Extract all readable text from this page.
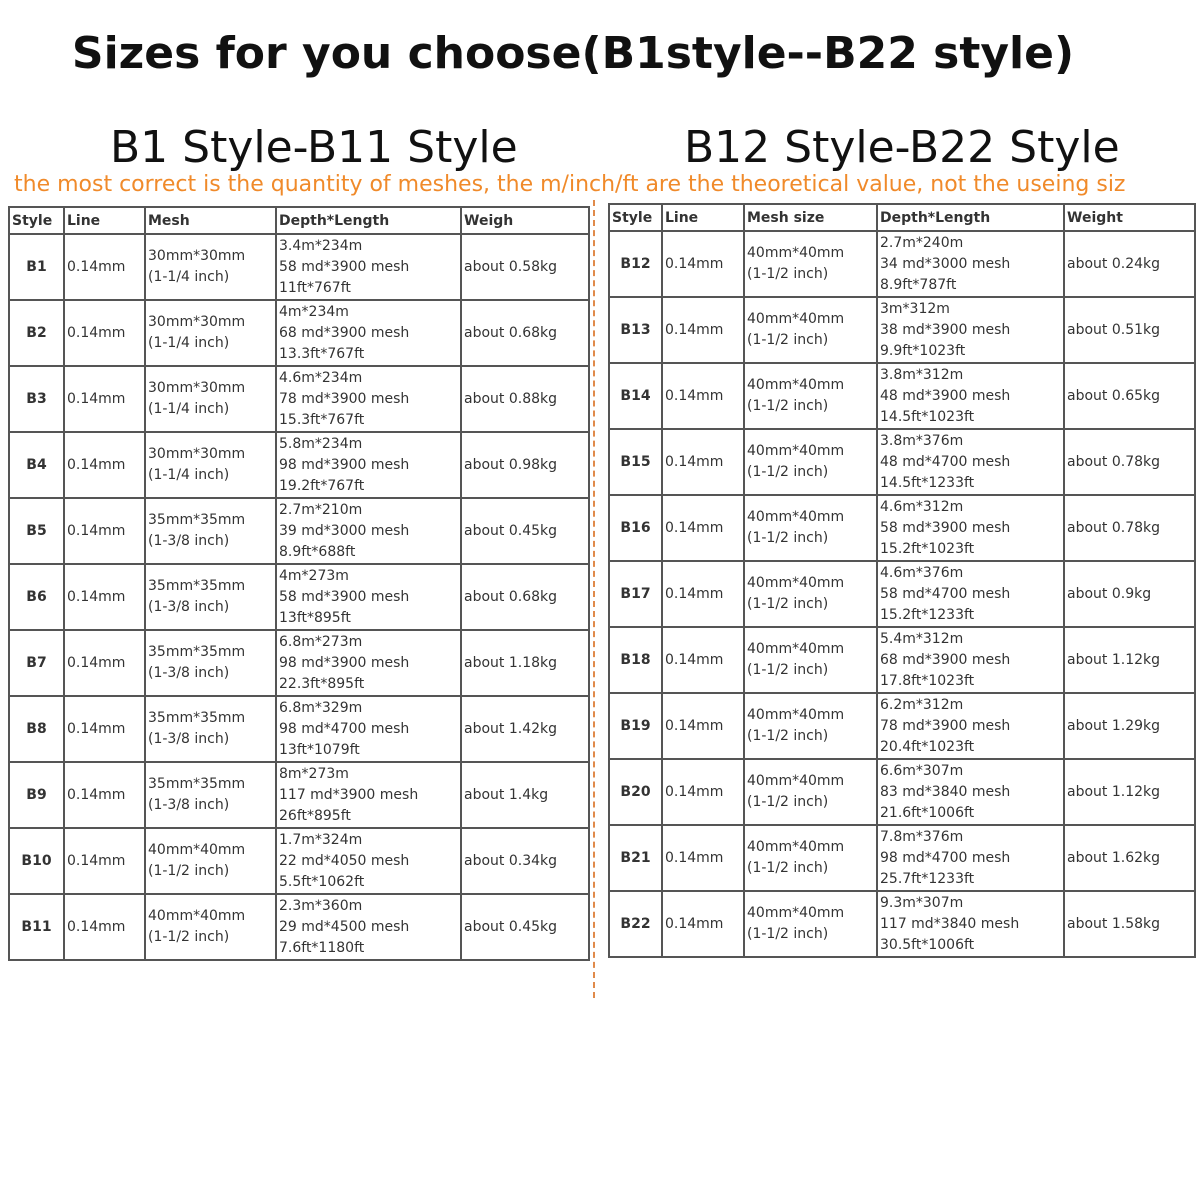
Sizes for you choose(B1style--B22 style)
B1 Style-B11 Style	B12 Style-B22 Style
the most correct is the quantity of meshes, the m/inch/ft are the theoretical value, not the useing siz
Style	Line	Mesh	Depth*Length	Weigh
B1	0.14mm	30mm*30mm
(1-1/4 inch)	3.4m*234m
58 md*3900 mesh
11ft*767ft	about 0.58kg
B2	0.14mm	30mm*30mm
(1-1/4 inch)	4m*234m
68 md*3900 mesh
13.3ft*767ft	about 0.68kg
B3	0.14mm	30mm*30mm
(1-1/4 inch)	4.6m*234m
78 md*3900 mesh
15.3ft*767ft	about 0.88kg
B4	0.14mm	30mm*30mm
(1-1/4 inch)	5.8m*234m
98 md*3900 mesh
19.2ft*767ft	about 0.98kg
B5	0.14mm	35mm*35mm
(1-3/8 inch)	2.7m*210m
39 md*3000 mesh
8.9ft*688ft	about 0.45kg
B6	0.14mm	35mm*35mm
(1-3/8 inch)	4m*273m
58 md*3900 mesh
13ft*895ft	about 0.68kg
B7	0.14mm	35mm*35mm
(1-3/8 inch)	6.8m*273m
98 md*3900 mesh
22.3ft*895ft	about 1.18kg
B8	0.14mm	35mm*35mm
(1-3/8 inch)	6.8m*329m
98 md*4700 mesh
13ft*1079ft	about 1.42kg
B9	0.14mm	35mm*35mm
(1-3/8 inch)	8m*273m
117 md*3900 mesh
26ft*895ft	about 1.4kg
B10	0.14mm	40mm*40mm
(1-1/2 inch)	1.7m*324m
22 md*4050 mesh
5.5ft*1062ft	about 0.34kg
B11	0.14mm	40mm*40mm
(1-1/2 inch)	2.3m*360m
29 md*4500 mesh
7.6ft*1180ft	about 0.45kg
Style	Line	Mesh size	Depth*Length	Weight
B12	0.14mm	40mm*40mm
(1-1/2 inch)	2.7m*240m
34 md*3000 mesh
8.9ft*787ft	about 0.24kg
B13	0.14mm	40mm*40mm
(1-1/2 inch)	3m*312m
38 md*3900 mesh
9.9ft*1023ft	about 0.51kg
B14	0.14mm	40mm*40mm
(1-1/2 inch)	3.8m*312m
48 md*3900 mesh
14.5ft*1023ft	about 0.65kg
B15	0.14mm	40mm*40mm
(1-1/2 inch)	3.8m*376m
48 md*4700 mesh
14.5ft*1233ft	about 0.78kg
B16	0.14mm	40mm*40mm
(1-1/2 inch)	4.6m*312m
58 md*3900 mesh
15.2ft*1023ft	about 0.78kg
B17	0.14mm	40mm*40mm
(1-1/2 inch)	4.6m*376m
58 md*4700 mesh
15.2ft*1233ft	about 0.9kg
B18	0.14mm	40mm*40mm
(1-1/2 inch)	5.4m*312m
68 md*3900 mesh
17.8ft*1023ft	about 1.12kg
B19	0.14mm	40mm*40mm
(1-1/2 inch)	6.2m*312m
78 md*3900 mesh
20.4ft*1023ft	about 1.29kg
B20	0.14mm	40mm*40mm
(1-1/2 inch)	6.6m*307m
83 md*3840 mesh
21.6ft*1006ft	about 1.12kg
B21	0.14mm	40mm*40mm
(1-1/2 inch)	7.8m*376m
98 md*4700 mesh
25.7ft*1233ft	about 1.62kg
B22	0.14mm	40mm*40mm
(1-1/2 inch)	9.3m*307m
117 md*3840 mesh
30.5ft*1006ft	about 1.58kg
